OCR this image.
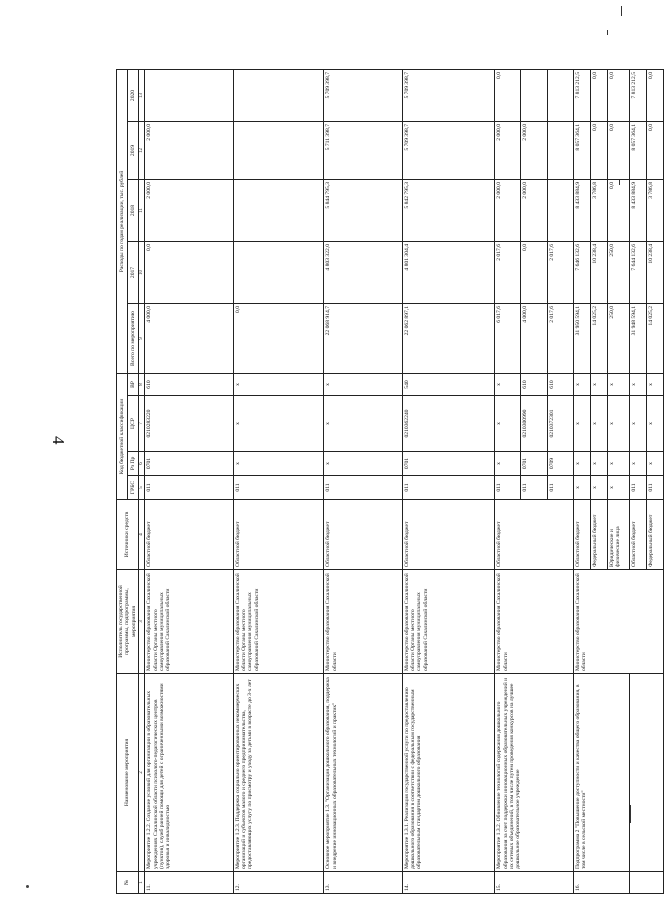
4
№	Наименование мероприятия	Исполнитель государственной программы, подпрограммы, мероприятия	Источники средств	Код бюджетной классификации				Расходы по годам реализации, тыс. рублей				
				ГРБС	Рз Пр	ЦСР	ВР	Всего по мероприятию	2017	2018	2019	2020
1	2	3	4	5	6	7	8	9	10	11	12	13
11.	Мероприятие 1.2.2. Создание условий для организации в образовательных учреждениях Сахалинской области психолого-педагогических центров (пунктов), служб ранней помощи для детей с ограниченными возможностями здоровья и инвалидностью	Министерство образования Сахалинской области Органы местного самоуправления муниципальных образований Сахалинской области	Областной бюджет	011	0701	0210283220	610	4 000,0	0,0	2 000,0	2 000,0	
12.	Мероприятие 1.2.3. Поддержка социально ориентированных некоммерческих организаций и субъектов малого и среднего предпринимательства, предоставляющих услугу по присмотру и уходу за детьми в возрасте до 3-х лет	Министерство образования Сахалинской области Органы местного самоуправления муниципальных образований Сахалинской области	Областной бюджет	011	х	х	х	0,0				
13.	Основное мероприятие 1.3. "Организация дошкольного образования, поддержка и внедрение инновационных образовательных технологий и практик"	Министерство образования Сахалинской области	Областной бюджет	011	х	х	х	22 068 914,7	4 803 322,0	5 844 795,3	5 711 398,7	5 709 398,7
14.	Мероприятие 1.3.1. Реализация государственной услуги по предоставлению дошкольного образования в соответствии с федеральным государственным образовательным стандартом дошкольного образования	Министерство образования Сахалинской области Органы местного самоуправления муниципальных образований Сахалинской области	Областной бюджет	011	0701	0210362240	540	22 062 897,1	4 801 304,4	5 842 795,3	5 709 398,7	5 709 398,7
15.	Мероприятие 1.3.2. Обновление технологий содержания дошкольного образования за счет поддержки инновационных образовательных учреждений и их сетевых объединений, в том числе путем проведения конкурсов на лучшее дошкольное образовательное учреждение	Министерство образования Сахалинской области	Областной бюджет	011	х	х	х	6 017,6	2 017,6	2 000,0	2 000,0	0,0
				011	0701	0210300990	610	4 000,0	0,0	2 000,0	2 000,0	
				011	0709	0210372301	610	2 017,6	2 017,6			
16.	Подпрограмма 2 "Повышение доступности и качества общего образования, в том числе в сельской местности"	Министерство образования Сахалинской области	Областной бюджет	х	х	х	х	31 950 594,1	7 646 132,6	8 433 884,9	8 057 364,1	7 813 212,5
			Федеральный бюджет	х	х	х	х	14 025,2	10 238,4	3 786,8	0,0	0,0
			Юридические и физические лица	х	х	х	х	250,0	250,0	0,0	0,0	0,0
			Областной бюджет	011	х	х	х	31 948 594,1	7 644 132,6	8 433 884,9	8 057 364,1	7 813 212,5
			Федеральный бюджет	011	х	х	х	14 025,2	10 238,4	3 786,8	0,0	0,0
